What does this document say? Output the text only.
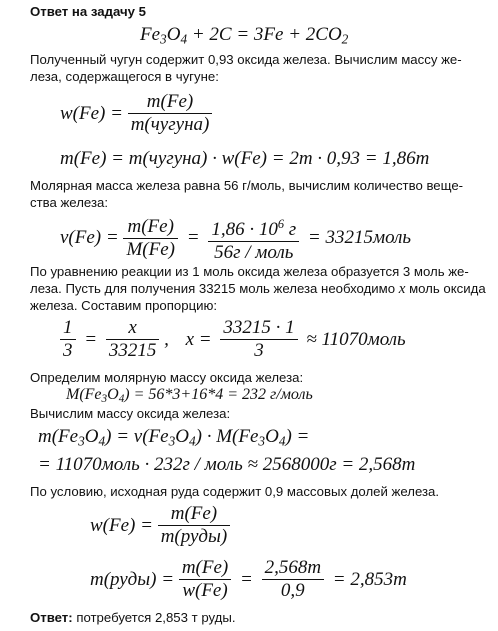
Ответ на задачу 5
$Fe_3O_4 + 2C = 3Fe + 2CO_2$
Полученный чугун содержит 0,93 оксида железа. Вычислим массу же-
леза, содержащегося в чугуне:
$w(Fe) = \frac{m(Fe)}{\text{m(чугуна)}}$
m(Fe) = m(чугуна) · w(Fe) = 2m · 0,93 = 1,86m
Молярная масса железа равна 56 г/моль, вычислим количество веще-
ства железа:
$\nu(Fe) = \frac{m(Fe)}{M(Fe)} = \frac{1,86 \cdot 10^6 г}{\text{56г / моль}}$ = 33215моль
По уравнению реакции из 1 моль оксида железа образуется 3 моль же-
леза. Пусть для получения 33215 моль железа необходимо x моль оксида
железа. Составим пропорцию:
$\frac{1}{3} = \frac{x}{33215}$ , $x = \frac{33215 \cdot 1}{3}$ ≈ 11070моль
Определим молярную массу оксида железа:
$M(Fe_3O_4) = 56*3+16*4 = 232$ г/моль
Вычислим массу оксида железа:
$m(Fe_3O_4) = \nu(Fe_3O_4) \cdot M(Fe_3O_4)$ =
= 11070моль · 232г / моль ≈ 2568000г = 2,568т
По условию, исходная руда содержит 0,9 массовых долей железа.
$w(Fe) = \frac{m(Fe)}{\text{m(руды)}}$
m(руды) = $\frac{m(Fe)}{w(Fe)} = \frac{2,568т}{0,9} = 2,853т$
Ответ: потребуется 2,853 т руды.
